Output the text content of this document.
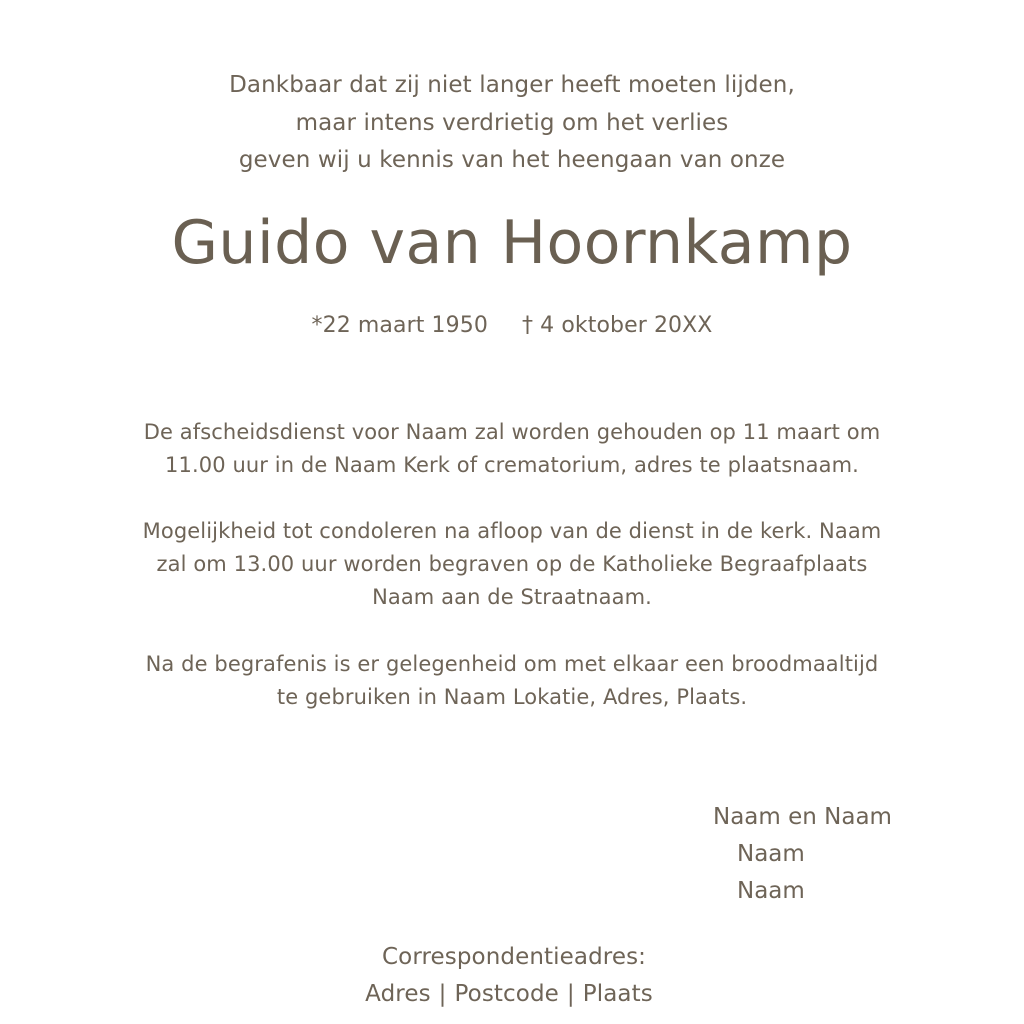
Dankbaar dat zij niet langer heeft moeten lijden,
maar intens verdrietig om het verlies
geven wij u kennis van het heengaan van onze
Guido van Hoornkamp
*22 maart 1950 † 4 oktober 20XX
De afscheidsdienst voor Naam zal worden gehouden op 11 maart om
11.00 uur in de Naam Kerk of crematorium, adres te plaatsnaam.
Mogelijkheid tot condoleren na afloop van de dienst in de kerk. Naam
zal om 13.00 uur worden begraven op de Katholieke Begraafplaats
Naam aan de Straatnaam.
Na de begrafenis is er gelegenheid om met elkaar een broodmaaltijd
te gebruiken in Naam Lokatie, Adres, Plaats.
Naam en Naam
Naam
Naam
Correspondentieadres:
Adres | Postcode | Plaats
